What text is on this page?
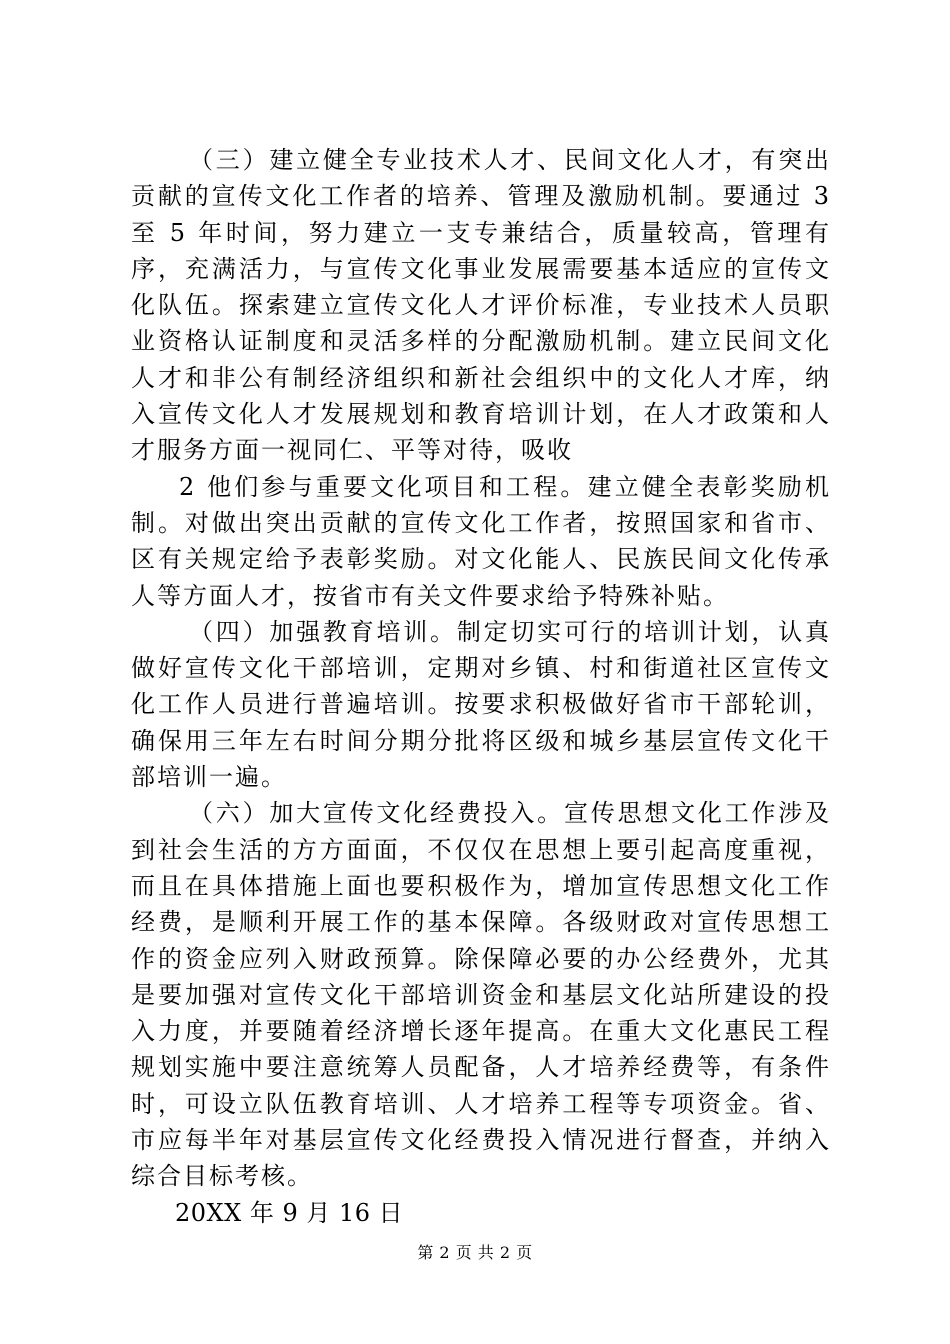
（三）建立健全专业技术人才、民间文化人才，有突出贡献的宣传文化工作者的培养、管理及激励机制。要通过 3 至 5 年时间，努力建立一支专兼结合，质量较高，管理有序，充满活力，与宣传文化事业发展需要基本适应的宣传文化队伍。探索建立宣传文化人才评价标准，专业技术人员职业资格认证制度和灵活多样的分配激励机制。建立民间文化人才和非公有制经济组织和新社会组织中的文化人才库，纳入宣传文化人才发展规划和教育培训计划，在人才政策和人才服务方面一视同仁、平等对待，吸收

2 他们参与重要文化项目和工程。建立健全表彰奖励机制。对做出突出贡献的宣传文化工作者，按照国家和省市、区有关规定给予表彰奖励。对文化能人、民族民间文化传承人等方面人才，按省市有关文件要求给予特殊补贴。

（四）加强教育培训。制定切实可行的培训计划，认真做好宣传文化干部培训，定期对乡镇、村和街道社区宣传文化工作人员进行普遍培训。按要求积极做好省市干部轮训，确保用三年左右时间分期分批将区级和城乡基层宣传文化干部培训一遍。

（六）加大宣传文化经费投入。宣传思想文化工作涉及到社会生活的方方面面，不仅仅在思想上要引起高度重视，而且在具体措施上面也要积极作为，增加宣传思想文化工作经费，是顺利开展工作的基本保障。各级财政对宣传思想工作的资金应列入财政预算。除保障必要的办公经费外，尤其是要加强对宣传文化干部培训资金和基层文化站所建设的投入力度，并要随着经济增长逐年提高。在重大文化惠民工程规划实施中要注意统筹人员配备，人才培养经费等，有条件时，可设立队伍教育培训、人才培养工程等专项资金。省、市应每半年对基层宣传文化经费投入情况进行督查，并纳入综合目标考核。

20XX 年 9 月 16 日

第 2 页 共 2 页
